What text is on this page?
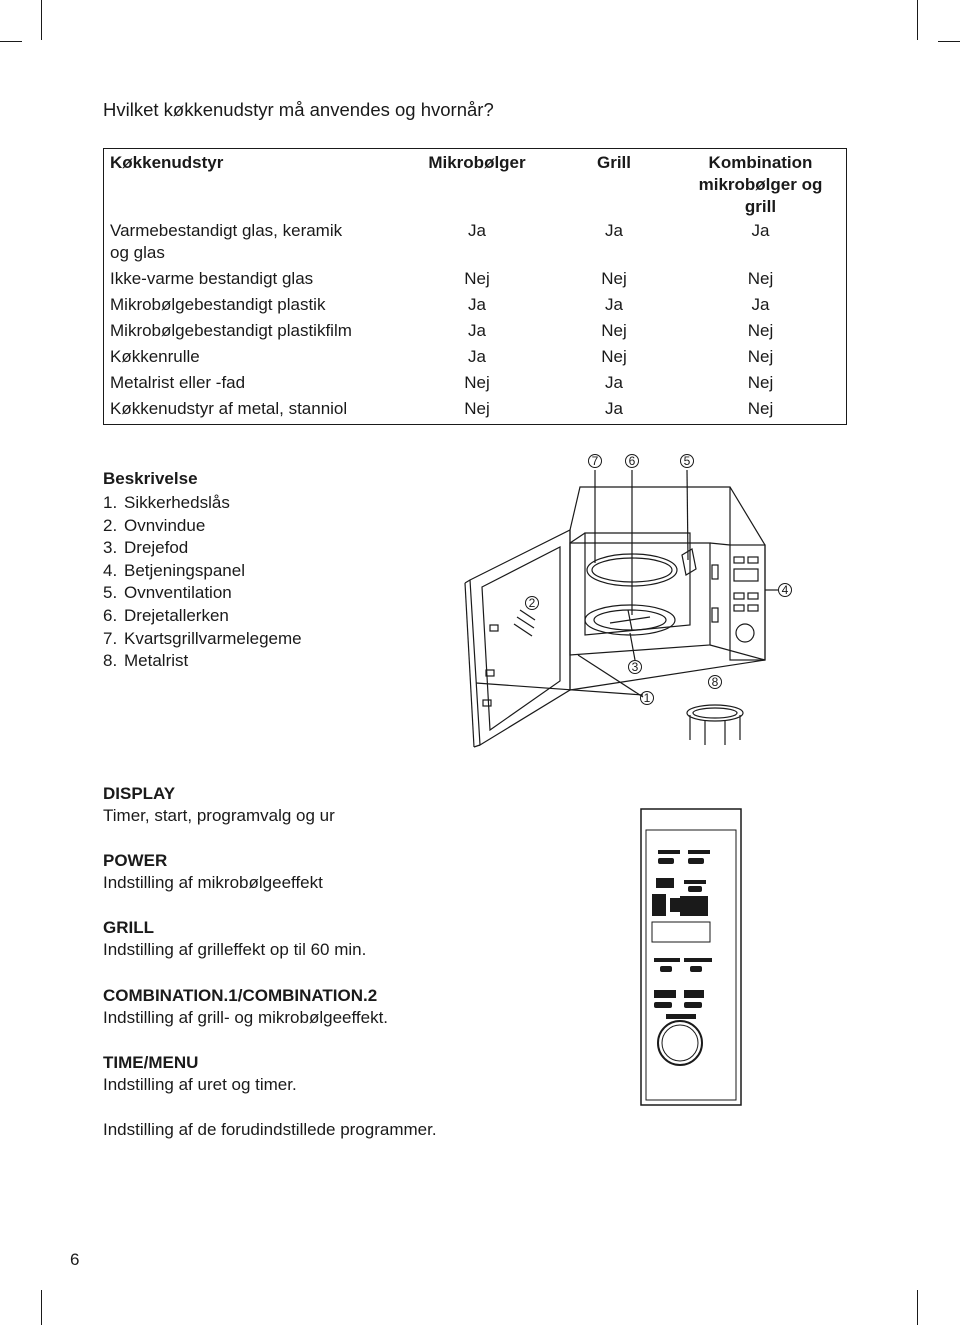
Hvilket køkkenudstyr må anvendes og hvornår?
Køkkenudstyr	Mikrobølger	Grill	Kombination
mikrobølger og grill

Varmebestandigt glas, keramik
og glas	Ja	Ja	Ja
Ikke-varme bestandigt glas	Nej	Nej	Nej
Mikrobølgebestandigt plastik	Ja	Ja	Ja
Mikrobølgebestandigt plastikfilm	Ja	Nej	Nej
Køkkenrulle	Ja	Nej	Nej
Metalrist eller -fad	Nej	Ja	Nej
Køkkenudstyr af metal, stanniol	Nej	Ja	Nej
Beskrivelse
1. Sikkerhedslås
2. Ovnvindue
3. Drejefod
4. Betjeningspanel
5. Ovnventilation
6. Drejetallerken
7. Kvartsgrillvarmelegeme
8. Metalrist
7	6	5
2
4
3
8
1
DISPLAY
Timer, start, programvalg og ur
POWER
Indstilling af mikrobølgeeffekt
GRILL
Indstilling af grilleffekt op til 60 min.
COMBINATION.1/COMBINATION.2
Indstilling af grill- og mikrobølgeeffekt.
TIME/MENU
Indstilling af uret og timer.
Indstilling af de forudindstillede programmer.
6
